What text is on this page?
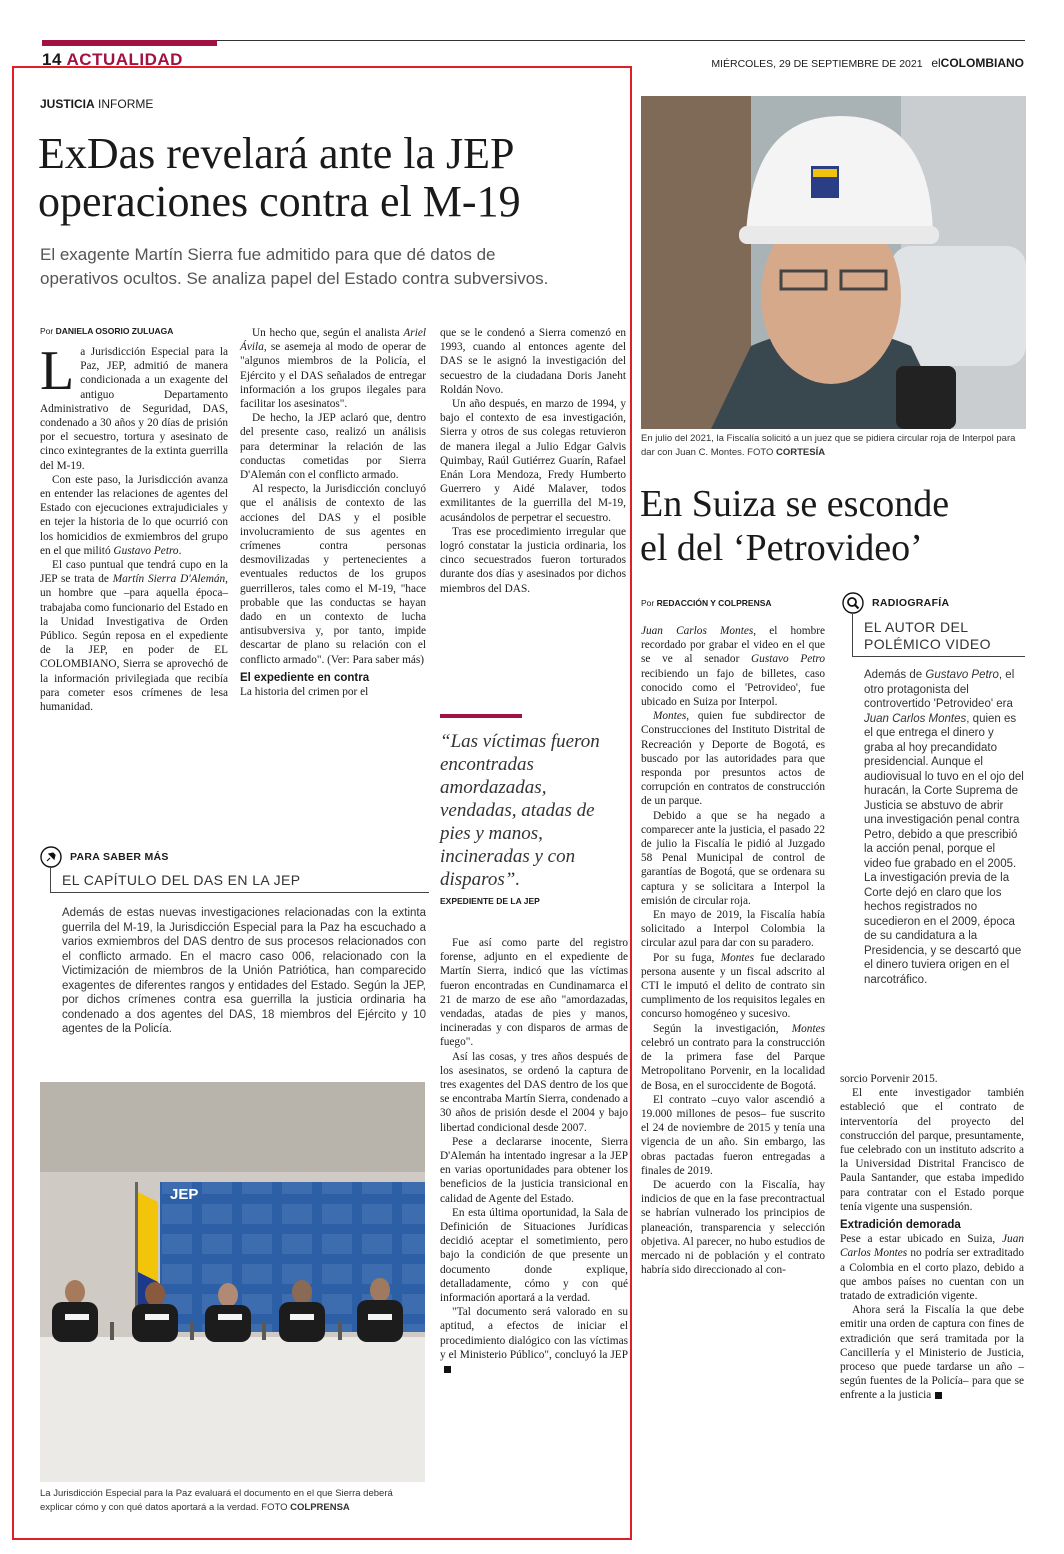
14 ACTUALIDAD	MIÉRCOLES, 29 DE SEPTIEMBRE DE 2021 elCOLOMBIANO
JUSTICIA INFORME
ExDas revelará ante la JEP
operaciones contra el M-19
El exagente Martín Sierra fue admitido para que dé datos de
operativos ocultos. Se analiza papel del Estado contra subversivos.
Por DANIELA OSORIO ZULUAGA

La Jurisdicción Especial para la Paz, JEP, admitió de manera condicionada a un exagente del antiguo Departamento Administrativo de Seguridad, DAS, condenado a 30 años y 20 días de prisión por el secuestro, tortura y asesinato de cinco exintegrantes de la extinta guerrilla del M-19.

Con este paso, la Jurisdicción avanza en entender las relaciones de agentes del Estado con ejecuciones extrajudiciales y en tejer la historia de lo que ocurrió con los homicidios de exmiembros del grupo en el que militó Gustavo Petro.

El caso puntual que tendrá cupo en la JEP se trata de Martín Sierra D'Alemán, un hombre que –para aquella época– trabajaba como funcionario del Estado en la Unidad Investigativa de Orden Público. Según reposa en el expediente de la JEP, en poder de EL COLOMBIANO, Sierra se aprovechó de la información privilegiada que recibía para cometer esos crímenes de lesa humanidad.

Un hecho que, según el analista Ariel Ávila, se asemeja al modo de operar de "algunos miembros de la Policía, el Ejército y el DAS señalados de entregar información a los grupos ilegales para facilitar los asesinatos".

De hecho, la JEP aclaró que, dentro del presente caso, realizó un análisis para determinar la relación de las conductas cometidas por Sierra D'Alemán con el conflicto armado.

Al respecto, la Jurisdicción concluyó que el análisis de contexto de las acciones del DAS y el posible involucramiento de sus agentes en crímenes contra personas desmovilizadas y pertenecientes a eventuales reductos de los grupos guerrilleros, tales como el M-19, "hace probable que las conductas se hayan dado en un contexto de lucha antisubversiva y, por tanto, impide descartar de plano su relación con el conflicto armado". (Ver: Para saber más)

El expediente en contra

La historia del crimen por el

que se le condenó a Sierra comenzó en 1993, cuando al entonces agente del DAS se le asignó la investigación del secuestro de la ciudadana Doris Janeht Roldán Novo.

Un año después, en marzo de 1994, y bajo el contexto de esa investigación, Sierra y otros de sus colegas retuvieron de manera ilegal a Julio Edgar Galvis Quimbay, Raúl Gutiérrez Guarín, Rafael Enán Lora Mendoza, Fredy Humberto Guerrero y Aidé Malaver, todos exmilitantes de la guerrilla del M-19, acusándolos de perpetrar el secuestro.

Tras ese procedimiento irregular que logró constatar la justicia ordinaria, los cinco secuestrados fueron torturados durante dos días y asesinados por dichos miembros del DAS.

“Las víctimas fueron encontradas amordazadas, vendadas, atadas de pies y manos, incineradas y con disparos”.
EXPEDIENTE DE LA JEP
PARA SABER MÁS
EL CAPÍTULO DEL DAS EN LA JEP
Además de estas nuevas investigaciones relacionadas con la extinta guerrila del M-19, la Jurisdicción Especial para la Paz ha escuchado a varios exmiembros del DAS dentro de sus procesos relacionados con el conflicto armado. En el macro caso 006, relacionado con la Victimización de miembros de la Unión Patriótica, han comparecido exagentes de diferentes rangos y entidades del Estado. Según la JEP, por dichos crímenes contra esa guerrilla la justicia ordinaria ha condenado a dos agentes del DAS, 18 miembros del Ejército y 10 agentes de la Policía.
JEP
La Jurisdicción Especial para la Paz evaluará el documento en el que Sierra deberá explicar cómo y con qué datos aportará a la verdad. FOTO COLPRENSA

Fue así como parte del registro forense, adjunto en el expediente de Martín Sierra, indicó que las víctimas fueron encontradas en Cundinamarca el 21 de marzo de ese año "amordazadas, vendadas, atadas de pies y manos, incineradas y con disparos de armas de fuego".

Así las cosas, y tres años después de los asesinatos, se ordenó la captura de tres exagentes del DAS dentro de los que se encontraba Martín Sierra, condenado a 30 años de prisión desde el 2004 y bajo libertad condicional desde 2007.

Pese a declararse inocente, Sierra D'Alemán ha intentado ingresar a la JEP en varias oportunidades para obtener los beneficios de la justicia transicional en calidad de Agente del Estado.

En esta última oportunidad, la Sala de Definición de Situaciones Jurídicas decidió aceptar el sometimiento, pero bajo la condición de que presente un documento donde explique, detalladamente, cómo y con qué información aportará a la verdad.

"Tal documento será valorado en su aptitud, a efectos de iniciar el procedimiento dialógico con las víctimas y el Ministerio Público", concluyó la JEP

En julio del 2021, la Fiscalía solicitó a un juez que se pidiera circular roja de Interpol para dar con Juan C. Montes. FOTO CORTESÍA
En Suiza se esconde
el del ‘Petrovideo’
Por REDACCIÓN Y COLPRENSA

Juan Carlos Montes, el hombre recordado por grabar el video en el que se ve al senador Gustavo Petro recibiendo un fajo de billetes, caso conocido como el 'Petrovideo', fue ubicado en Suiza por Interpol.

Montes, quien fue subdirector de Construcciones del Instituto Distrital de Recreación y Deporte de Bogotá, es buscado por las autoridades para que responda por presuntos actos de corrupción en contratos de construcción de un parque.

Debido a que se ha negado a comparecer ante la justicia, el pasado 22 de julio la Fiscalía le pidió al Juzgado 58 Penal Municipal de control de garantías de Bogotá, que se ordenara su captura y se solicitara a Interpol la emisión de circular roja.

En mayo de 2019, la Fiscalía había solicitado a Interpol Colombia la circular azul para dar con su paradero.

Por su fuga, Montes fue declarado persona ausente y un fiscal adscrito al CTI le imputó el delito de contrato sin cumplimento de los requisitos legales en concurso homogéneo y sucesivo.

Según la investigación, Montes celebró un contrato para la construcción de la primera fase del Parque Metropolitano Porvenir, en la localidad de Bosa, en el suroccidente de Bogotá.

El contrato –cuyo valor ascendió a 19.000 millones de pesos– fue suscrito el 24 de noviembre de 2015 y tenía una vigencia de un año. Sin embargo, las obras pactadas fueron entregadas a finales de 2019.

De acuerdo con la Fiscalía, hay indicios de que en la fase precontractual se habrían vulnerado los principios de planeación, transparencia y selección objetiva. Al parecer, no hubo estudios de mercado ni de población y el contrato habría sido direccionado al con-

RADIOGRAFÍA
EL AUTOR DEL
POLÉMICO VIDEO
Además de Gustavo Petro, el otro protagonista del controvertido 'Petrovideo' era Juan Carlos Montes, quien es el que entrega el dinero y graba al hoy precandidato presidencial. Aunque el audiovisual lo tuvo en el ojo del huracán, la Corte Suprema de Justicia se abstuvo de abrir una investigación penal contra Petro, debido a que prescribió la acción penal, porque el video fue grabado en el 2005. La investigación previa de la Corte dejó en claro que los hechos registrados no sucedieron en el 2009, época de su candidatura a la Presidencia, y se descartó que el dinero tuviera origen en el narcotráfico.

sorcio Porvenir 2015.

El ente investigador también estableció que el contrato de interventoría del proyecto del construcción del parque, presuntamente, fue celebrado con un instituto adscrito a la Universidad Distrital Francisco de Paula Santander, que estaba impedido para contratar con el Estado porque tenía vigente una suspensión.

Extradición demorada

Pese a estar ubicado en Suiza, Juan Carlos Montes no podría ser extraditado a Colombia en el corto plazo, debido a que ambos países no cuentan con un tratado de extradición vigente.

Ahora será la Fiscalía la que debe emitir una orden de captura con fines de extradición que será tramitada por la Cancillería y el Ministerio de Justicia, proceso que puede tardarse un año –según fuentes de la Policía– para que se enfrente a la justicia
